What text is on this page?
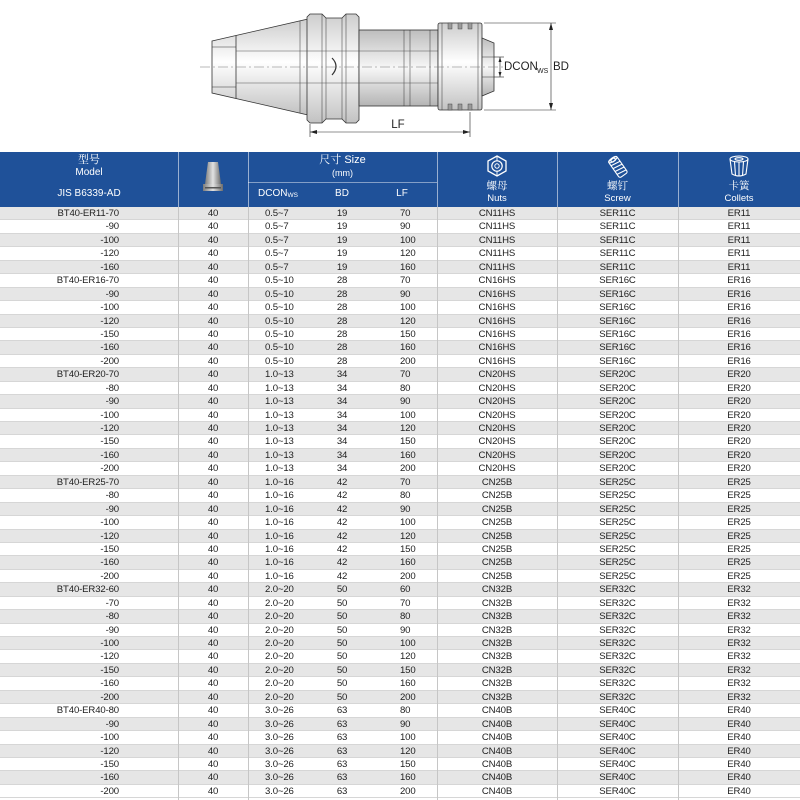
DCON WS BD
LF
型号
Model
JIS B6339-AD
尺寸 Size
(mm)
$DCON_{WS}$	BD	LF
螺母
Nuts
螺钉
Screw
卡簧
Collets
BT40-ER11-70	40	0.5~7	19	70	CN11HS	SER11C	ER11
-90	40	0.5~7	19	90	CN11HS	SER11C	ER11
-100	40	0.5~7	19	100	CN11HS	SER11C	ER11
-120	40	0.5~7	19	120	CN11HS	SER11C	ER11
-160	40	0.5~7	19	160	CN11HS	SER11C	ER11
BT40-ER16-70	40	0.5~10	28	70	CN16HS	SER16C	ER16
-90	40	0.5~10	28	90	CN16HS	SER16C	ER16
-100	40	0.5~10	28	100	CN16HS	SER16C	ER16
-120	40	0.5~10	28	120	CN16HS	SER16C	ER16
-150	40	0.5~10	28	150	CN16HS	SER16C	ER16
-160	40	0.5~10	28	160	CN16HS	SER16C	ER16
-200	40	0.5~10	28	200	CN16HS	SER16C	ER16
BT40-ER20-70	40	1.0~13	34	70	CN20HS	SER20C	ER20
-80	40	1.0~13	34	80	CN20HS	SER20C	ER20
-90	40	1.0~13	34	90	CN20HS	SER20C	ER20
-100	40	1.0~13	34	100	CN20HS	SER20C	ER20
-120	40	1.0~13	34	120	CN20HS	SER20C	ER20
-150	40	1.0~13	34	150	CN20HS	SER20C	ER20
-160	40	1.0~13	34	160	CN20HS	SER20C	ER20
-200	40	1.0~13	34	200	CN20HS	SER20C	ER20
BT40-ER25-70	40	1.0~16	42	70	CN25B	SER25C	ER25
-80	40	1.0~16	42	80	CN25B	SER25C	ER25
-90	40	1.0~16	42	90	CN25B	SER25C	ER25
-100	40	1.0~16	42	100	CN25B	SER25C	ER25
-120	40	1.0~16	42	120	CN25B	SER25C	ER25
-150	40	1.0~16	42	150	CN25B	SER25C	ER25
-160	40	1.0~16	42	160	CN25B	SER25C	ER25
-200	40	1.0~16	42	200	CN25B	SER25C	ER25
BT40-ER32-60	40	2.0~20	50	60	CN32B	SER32C	ER32
-70	40	2.0~20	50	70	CN32B	SER32C	ER32
-80	40	2.0~20	50	80	CN32B	SER32C	ER32
-90	40	2.0~20	50	90	CN32B	SER32C	ER32
-100	40	2.0~20	50	100	CN32B	SER32C	ER32
-120	40	2.0~20	50	120	CN32B	SER32C	ER32
-150	40	2.0~20	50	150	CN32B	SER32C	ER32
-160	40	2.0~20	50	160	CN32B	SER32C	ER32
-200	40	2.0~20	50	200	CN32B	SER32C	ER32
BT40-ER40-80	40	3.0~26	63	80	CN40B	SER40C	ER40
-90	40	3.0~26	63	90	CN40B	SER40C	ER40
-100	40	3.0~26	63	100	CN40B	SER40C	ER40
-120	40	3.0~26	63	120	CN40B	SER40C	ER40
-150	40	3.0~26	63	150	CN40B	SER40C	ER40
-160	40	3.0~26	63	160	CN40B	SER40C	ER40
-200	40	3.0~26	63	200	CN40B	SER40C	ER40
